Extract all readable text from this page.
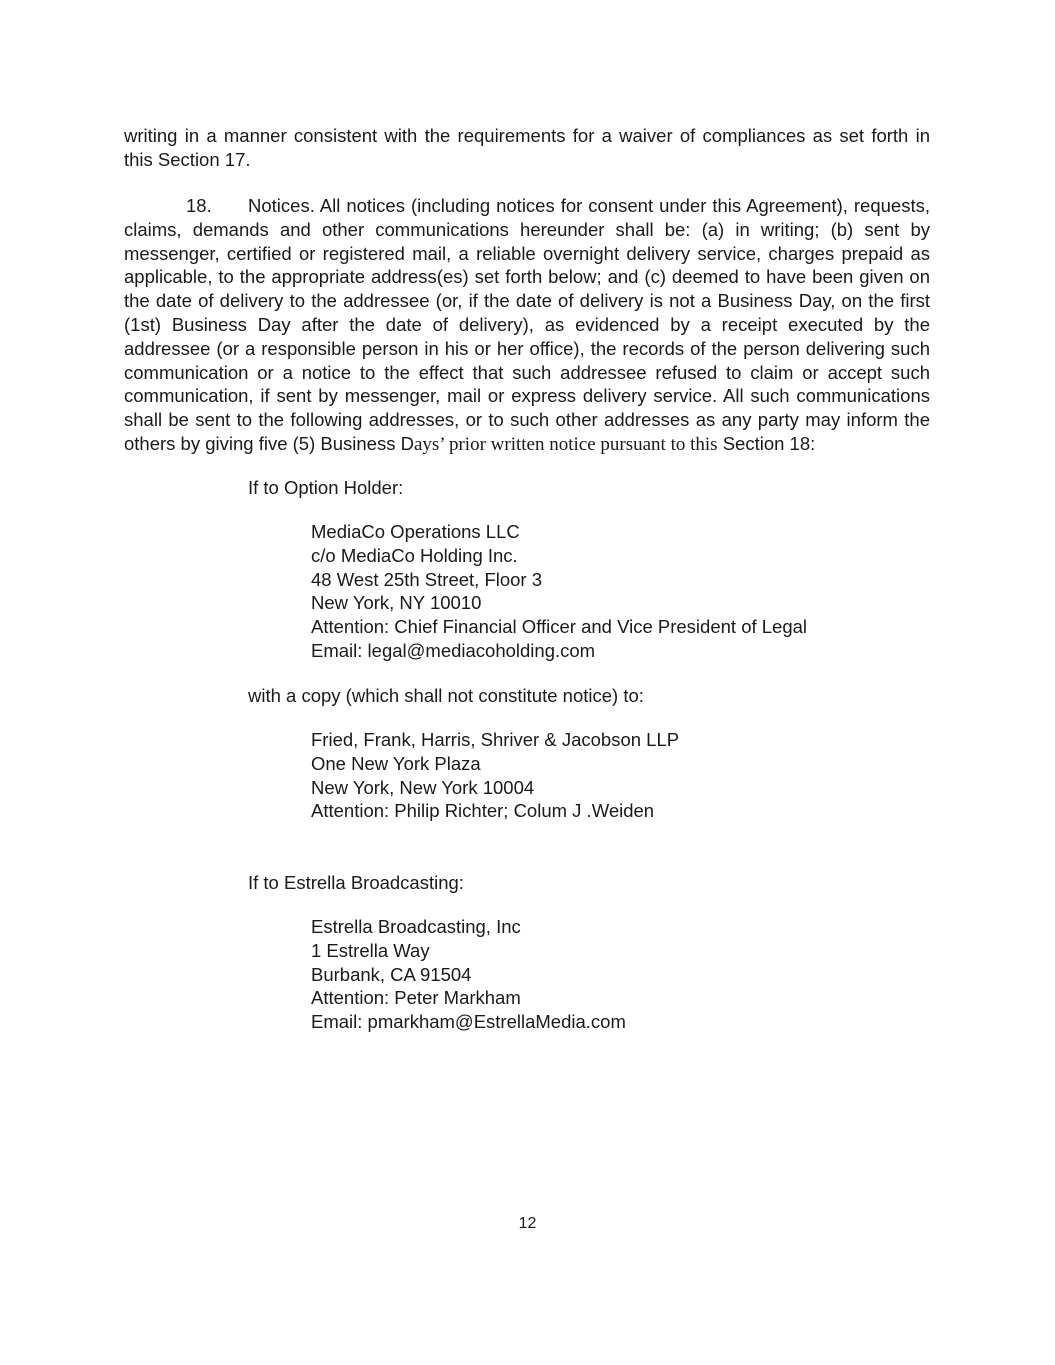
writing in a manner consistent with the requirements for a waiver of compliances as set forth in this Section 17.

18. Notices. All notices (including notices for consent under this Agreement), requests, claims, demands and other communications hereunder shall be: (a) in writing; (b) sent by messenger, certified or registered mail, a reliable overnight delivery service, charges prepaid as applicable, to the appropriate address(es) set forth below; and (c) deemed to have been given on the date of delivery to the addressee (or, if the date of delivery is not a Business Day, on the first (1st) Business Day after the date of delivery), as evidenced by a receipt executed by the addressee (or a responsible person in his or her office), the records of the person delivering such communication or a notice to the effect that such addressee refused to claim or accept such communication, if sent by messenger, mail or express delivery service. All such communications shall be sent to the following addresses, or to such other addresses as any party may inform the others by giving five (5) Business Days’ prior written notice pursuant to this Section 18:

If to Option Holder:

MediaCo Operations LLC
c/o MediaCo Holding Inc.
48 West 25th Street, Floor 3
New York, NY 10010
Attention: Chief Financial Officer and Vice President of Legal
Email: legal@mediacoholding.com

with a copy (which shall not constitute notice) to:

Fried, Frank, Harris, Shriver & Jacobson LLP
One New York Plaza
New York, New York 10004
Attention: Philip Richter; Colum J .Weiden

If to Estrella Broadcasting:

Estrella Broadcasting, Inc
1 Estrella Way
Burbank, CA 91504
Attention: Peter Markham
Email: pmarkham@EstrellaMedia.com
12
